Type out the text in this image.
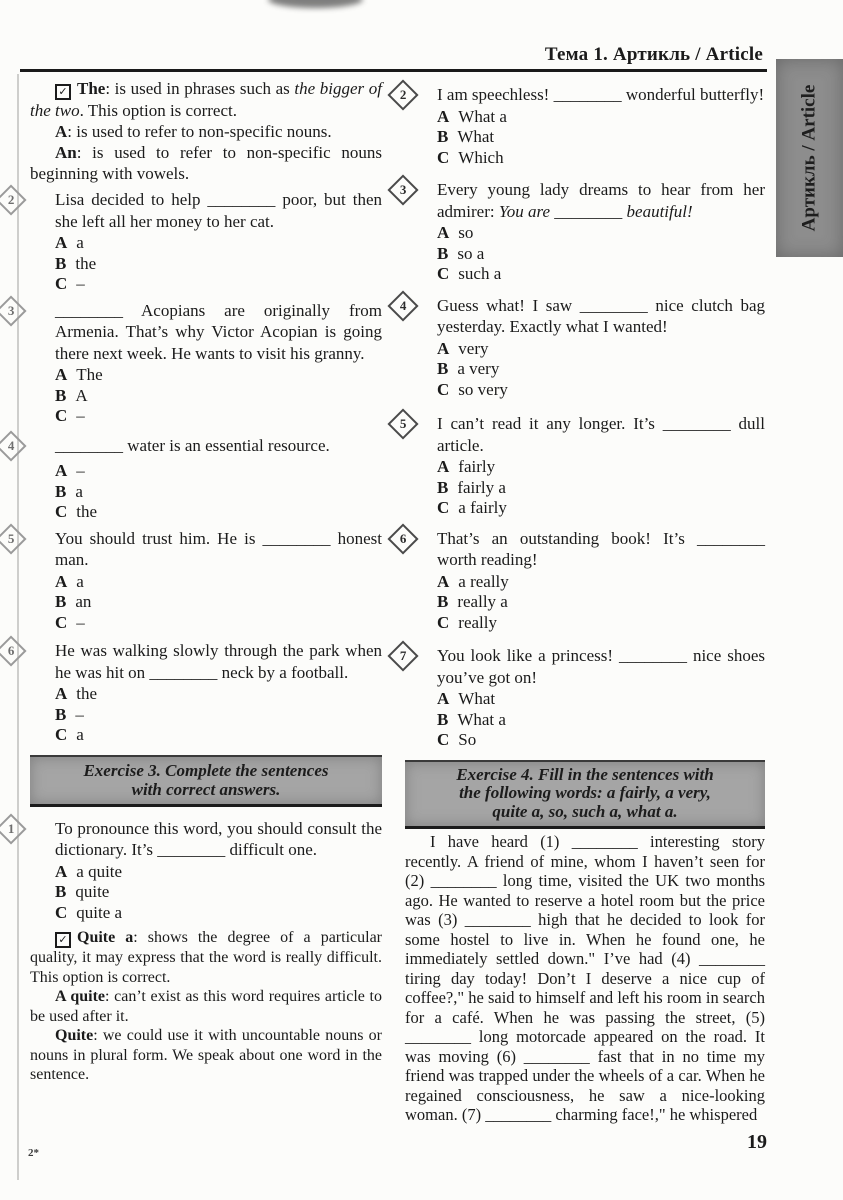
Тема 1. Артикль / Article
Артикль / Article

✓ The: is used in phrases such as the bigger of the two. This option is correct.

A: is used to refer to non-specific nouns.

An: is used to refer to non-specific nouns beginning with vowels.

2 Lisa decided to help ________ poor, but then she left all her money to her cat.

A a
B the
C –
3 ________ Acopians are originally from Armenia. That’s why Victor Acopian is going there next week. He wants to visit his granny.

A The
B A
C –
4 ________ water is an essential resource.

A –
B a
C the
5 You should trust him. He is ________ honest man.

A a
B an
C –
6 He was walking slowly through the park when he was hit on ________ neck by a football.

A the
B –
C a
Exercise 3. Complete the sentences
with correct answers.
1 To pronounce this word, you should consult the dictionary. It’s ________ difficult one.

A a quite
B quite
C quite a

✓ Quite a: shows the degree of a particular quality, it may express that the word is really difficult. This option is correct.

A quite: can’t exist as this word requires article to be used after it.

Quite: we could use it with uncountable nouns or nouns in plural form. We speak about one word in the sentence.

2 I am speechless! ________ wonderful butterfly!

A What a
B What
C Which
3 Every young lady dreams to hear from her admirer: You are ________ beautiful!

A so
B so a
C such a
4 Guess what! I saw ________ nice clutch bag yesterday. Exactly what I wanted!

A very
B a very
C so very
5 I can’t read it any longer. It’s ________ dull article.

A fairly
B fairly a
C a fairly
6 That’s an outstanding book! It’s ________ worth reading!

A a really
B really a
C really
7 You look like a princess! ________ nice shoes you’ve got on!

A What
B What a
C So
Exercise 4. Fill in the sentences with
the following words: a fairly, a very,
quite a, so, such a, what a.

I have heard (1) ________ interesting story recently. A friend of mine, whom I haven’t seen for (2) ________ long time, visited the UK two months ago. He wanted to reserve a hotel room but the price was (3) ________ high that he decided to look for some hostel to live in. When he found one, he immediately settled down." I’ve had (4) ________ tiring day today! Don’t I deserve a nice cup of coffee?," he said to himself and left his room in search for a café. When he was passing the street, (5) ________ long motorcade appeared on the road. It was moving (6) ________ fast that in no time my friend was trapped under the wheels of a car. When he regained consciousness, he saw a nice-looking woman. (7) ________ charming face!," he whispered

19
2*
